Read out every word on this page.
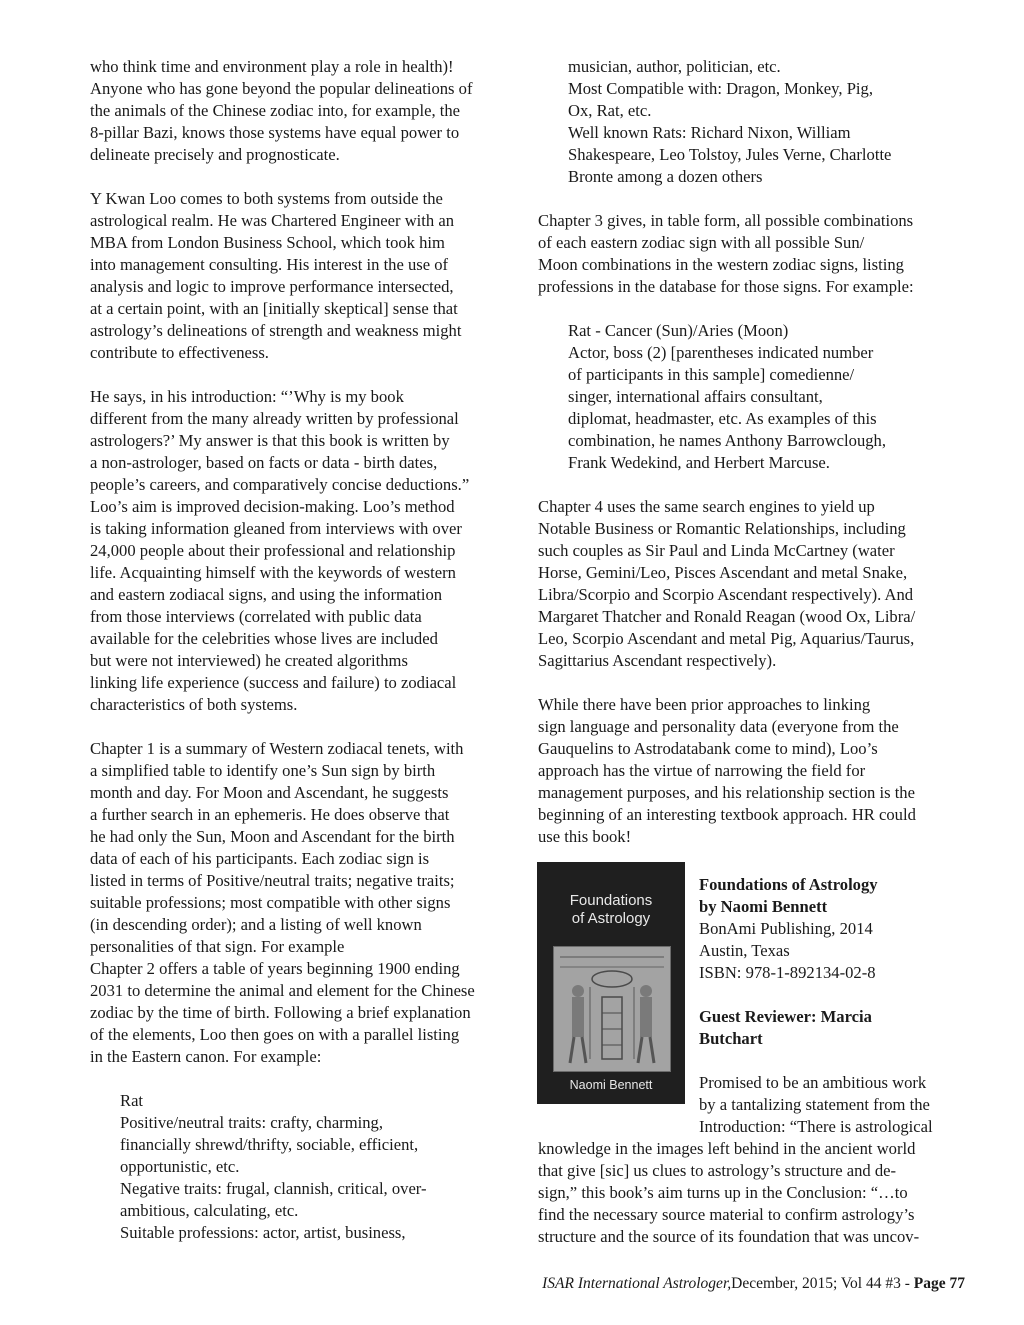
who think time and environment play a role in health)!
Anyone who has gone beyond the popular delineations of
the animals of the Chinese zodiac into, for example, the
8-pillar Bazi, knows those systems have equal power to
delineate precisely and prognosticate.
Y Kwan Loo comes to both systems from outside the
astrological realm. He was Chartered Engineer with an
MBA from London Business School, which took him
into management consulting. His interest in the use of
analysis and logic to improve performance intersected,
at a certain point, with an [initially skeptical] sense that
astrology’s delineations of strength and weakness might
contribute to effectiveness.
He says, in his introduction: “’Why is my book
different from the many already written by professional
astrologers?’ My answer is that this book is written by
a non-astrologer, based on facts or data - birth dates,
people’s careers, and comparatively concise deductions.”
Loo’s aim is improved decision-making. Loo’s method
is taking information gleaned from interviews with over
24,000 people about their professional and relationship
life. Acquainting himself with the keywords of western
and eastern zodiacal signs, and using the information
from those interviews (correlated with public data
available for the celebrities whose lives are included
but were not interviewed) he created algorithms
linking life experience (success and failure) to zodiacal
characteristics of both systems.
Chapter 1 is a summary of Western zodiacal tenets, with
a simplified table to identify one’s Sun sign by birth
month and day. For Moon and Ascendant, he suggests
a further search in an ephemeris. He does observe that
he had only the Sun, Moon and Ascendant for the birth
data of each of his participants. Each zodiac sign is
listed in terms of Positive/neutral traits; negative traits;
suitable professions; most compatible with other signs
(in descending order); and a listing of well known
personalities of that sign. For example
Chapter 2 offers a table of years beginning 1900 ending
2031 to determine the animal and element for the Chinese
zodiac by the time of birth. Following a brief explanation
of the elements, Loo then goes on with a parallel listing
in the Eastern canon. For example:
Rat
Positive/neutral traits: crafty, charming,
financially shrewd/thrifty, sociable, efficient,
opportunistic, etc.
Negative traits: frugal, clannish, critical, over-
ambitious, calculating, etc.
Suitable professions: actor, artist, business,
musician, author, politician, etc.
Most Compatible with: Dragon, Monkey, Pig,
Ox, Rat, etc.
Well known Rats: Richard Nixon, William
Shakespeare, Leo Tolstoy, Jules Verne, Charlotte
Bronte among a dozen others
Chapter 3 gives, in table form, all possible combinations
of each eastern zodiac sign with all possible Sun/
Moon combinations in the western zodiac signs, listing
professions in the database for those signs. For example:
Rat - Cancer (Sun)/Aries (Moon)
Actor, boss (2) [parentheses indicated number
of participants in this sample] comedienne/
singer, international affairs consultant,
diplomat, headmaster, etc. As examples of this
combination, he names Anthony Barrowclough,
Frank Wedekind, and Herbert Marcuse.
Chapter 4 uses the same search engines to yield up
Notable Business or Romantic Relationships, including
such couples as Sir Paul and Linda McCartney (water
Horse, Gemini/Leo, Pisces Ascendant and metal Snake,
Libra/Scorpio and Scorpio Ascendant respectively). And
Margaret Thatcher and Ronald Reagan (wood Ox, Libra/
Leo, Scorpio Ascendant and metal Pig, Aquarius/Taurus,
Sagittarius Ascendant respectively).
While there have been prior approaches to linking
sign language and personality data (everyone from the
Gauquelins to Astrodatabank come to mind), Loo’s
approach has the virtue of narrowing the field for
management purposes, and his relationship section is the
beginning of an interesting textbook approach. HR could
use this book!
Foundations
of Astrology
Naomi Bennett
Foundations of Astrology
by Naomi Bennett
BonAmi Publishing, 2014
Austin, Texas
ISBN: 978-1-892134-02-8
Guest Reviewer: Marcia
Butchart
Promised to be an ambitious work
by a tantalizing statement from the
Introduction: “There is astrological
knowledge in the images left behind in the ancient world
that give [sic] us clues to astrology’s structure and de-
sign,” this book’s aim turns up in the Conclusion: “…to
find the necessary source material to confirm astrology’s
structure and the source of its foundation that was uncov-
ISAR International Astrologer,December, 2015; Vol 44 #3 - Page 77
